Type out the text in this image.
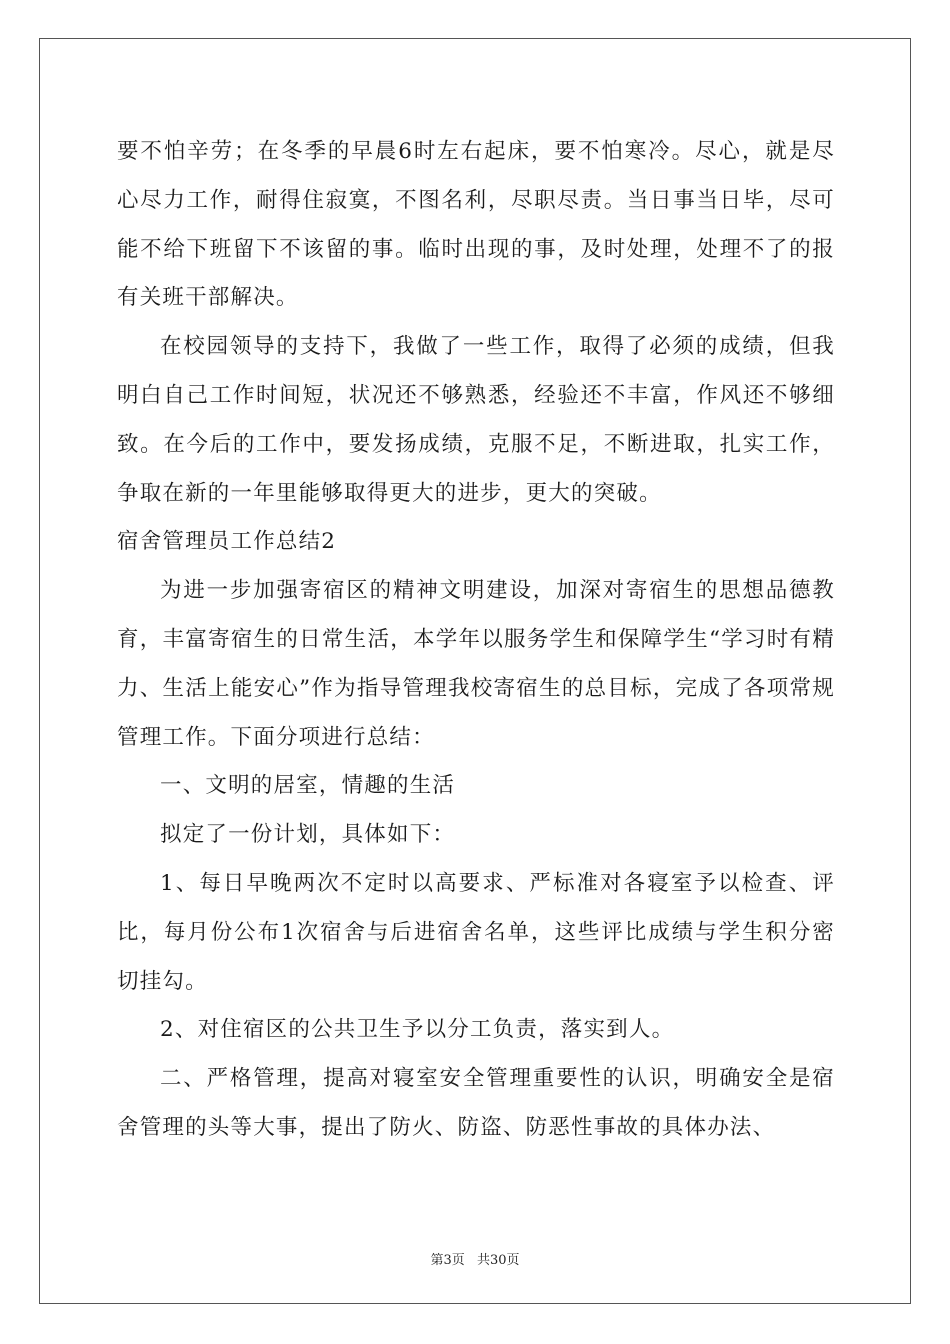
要不怕辛劳；在冬季的早晨6时左右起床，要不怕寒冷。尽心，就是尽心尽力工作，耐得住寂寞，不图名利，尽职尽责。当日事当日毕，尽可能不给下班留下不该留的事。临时出现的事，及时处理，处理不了的报有关班干部解决。

在校园领导的支持下，我做了一些工作，取得了必须的成绩，但我明白自己工作时间短，状况还不够熟悉，经验还不丰富，作风还不够细致。在今后的工作中，要发扬成绩，克服不足，不断进取，扎实工作，争取在新的一年里能够取得更大的进步，更大的突破。

宿舍管理员工作总结2

为进一步加强寄宿区的精神文明建设，加深对寄宿生的思想品德教育，丰富寄宿生的日常生活，本学年以服务学生和保障学生“学习时有精力、生活上能安心”作为指导管理我校寄宿生的总目标，完成了各项常规管理工作。下面分项进行总结：

一、文明的居室，情趣的生活

拟定了一份计划，具体如下：

1、每日早晚两次不定时以高要求、严标准对各寝室予以检查、评比，每月份公布1次宿舍与后进宿舍名单，这些评比成绩与学生积分密切挂勾。

2、对住宿区的公共卫生予以分工负责，落实到人。

二、严格管理，提高对寝室安全管理重要性的认识，明确安全是宿舍管理的头等大事，提出了防火、防盗、防恶性事故的具体办法、

第3页 共30页
